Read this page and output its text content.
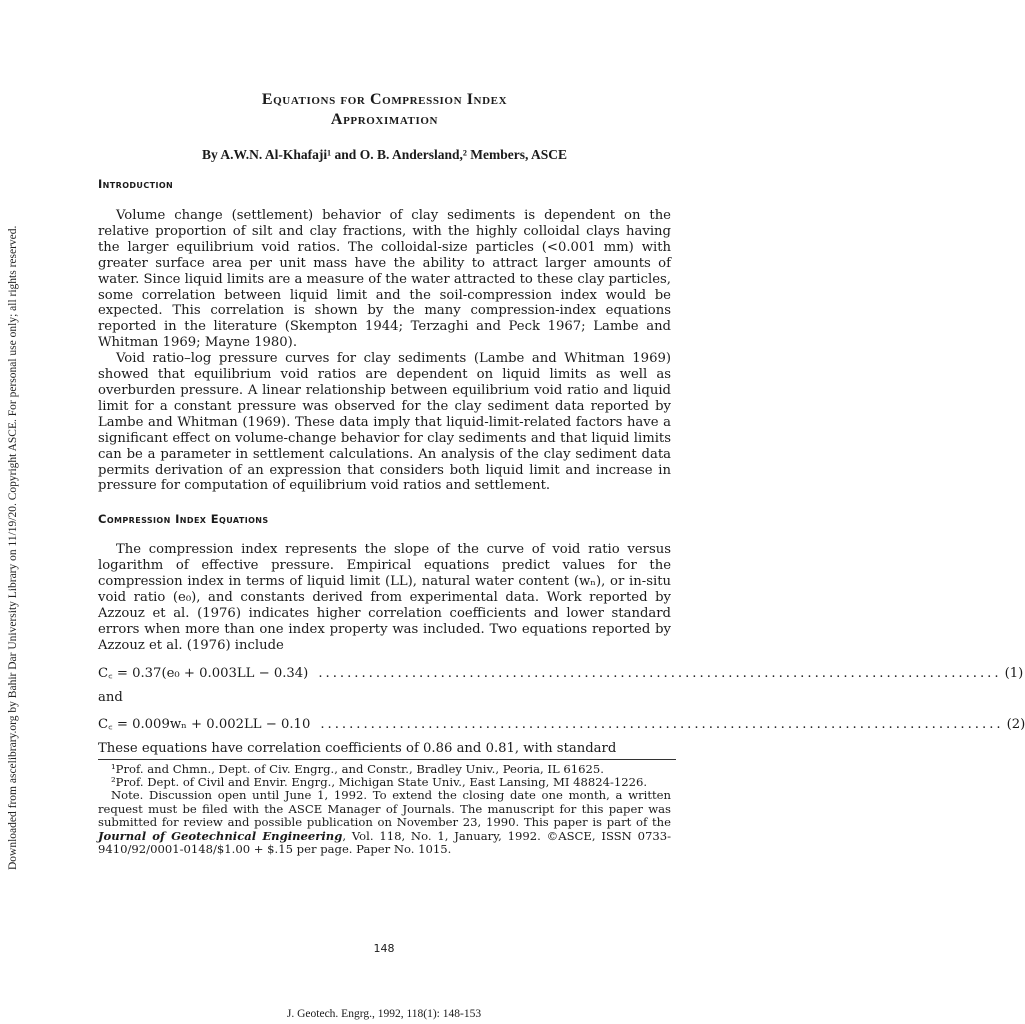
Downloaded from ascelibrary.org by Bahir Dar University Library on 11/19/20. Copyright ASCE. For personal use only; all rights reserved.
Equations for Compression Index
Approximation

By A.W.N. Al-Khafaji¹ and O. B. Andersland,² Members, ASCE

Introduction

Volume change (settlement) behavior of clay sediments is dependent on the relative proportion of silt and clay fractions, with the highly colloidal clays having the larger equilibrium void ratios. The colloidal-size particles (<0.001 mm) with greater surface area per unit mass have the ability to attract larger amounts of water. Since liquid limits are a measure of the water attracted to these clay particles, some correlation between liquid limit and the soil-compression index would be expected. This correlation is shown by the many compression-index equations reported in the literature (Skempton 1944; Terzaghi and Peck 1967; Lambe and Whitman 1969; Mayne 1980).

Void ratio–log pressure curves for clay sediments (Lambe and Whitman 1969) showed that equilibrium void ratios are dependent on liquid limits as well as overburden pressure. A linear relationship between equilibrium void ratio and liquid limit for a constant pressure was observed for the clay sediment data reported by Lambe and Whitman (1969). These data imply that liquid-limit-related factors have a significant effect on volume-change behavior for clay sediments and that liquid limits can be a parameter in settlement calculations. An analysis of the clay sediment data permits derivation of an expression that considers both liquid limit and increase in pressure for computation of equilibrium void ratios and settlement.

Compression Index Equations

The compression index represents the slope of the curve of void ratio versus logarithm of effective pressure. Empirical equations predict values for the compression index in terms of liquid limit (LL), natural water content (wₙ), or in-situ void ratio (e₀), and constants derived from experimental data. Work reported by Azzouz et al. (1976) indicates higher correlation coefficients and lower standard errors when more than one index property was included. Two equations reported by Azzouz et al. (1976) include

C꜀ = 0.37(e₀ + 0.003LL − 0.34) ............................................................................................... (1)
and
C꜀ = 0.009wₙ + 0.002LL − 0.10 ............................................................................................... (2)

These equations have correlation coefficients of 0.86 and 0.81, with standard

¹Prof. and Chmn., Dept. of Civ. Engrg., and Constr., Bradley Univ., Peoria, IL 61625.

²Prof. Dept. of Civil and Envir. Engrg., Michigan State Univ., East Lansing, MI 48824-1226.

Note. Discussion open until June 1, 1992. To extend the closing date one month, a written request must be filed with the ASCE Manager of Journals. The manuscript for this paper was submitted for review and possible publication on November 23, 1990. This paper is part of the Journal of Geotechnical Engineering, Vol. 118, No. 1, January, 1992. ©ASCE, ISSN 0733-9410/92/0001-0148/$1.00 + $.15 per page. Paper No. 1015.

148
J. Geotech. Engrg., 1992, 118(1): 148-153
